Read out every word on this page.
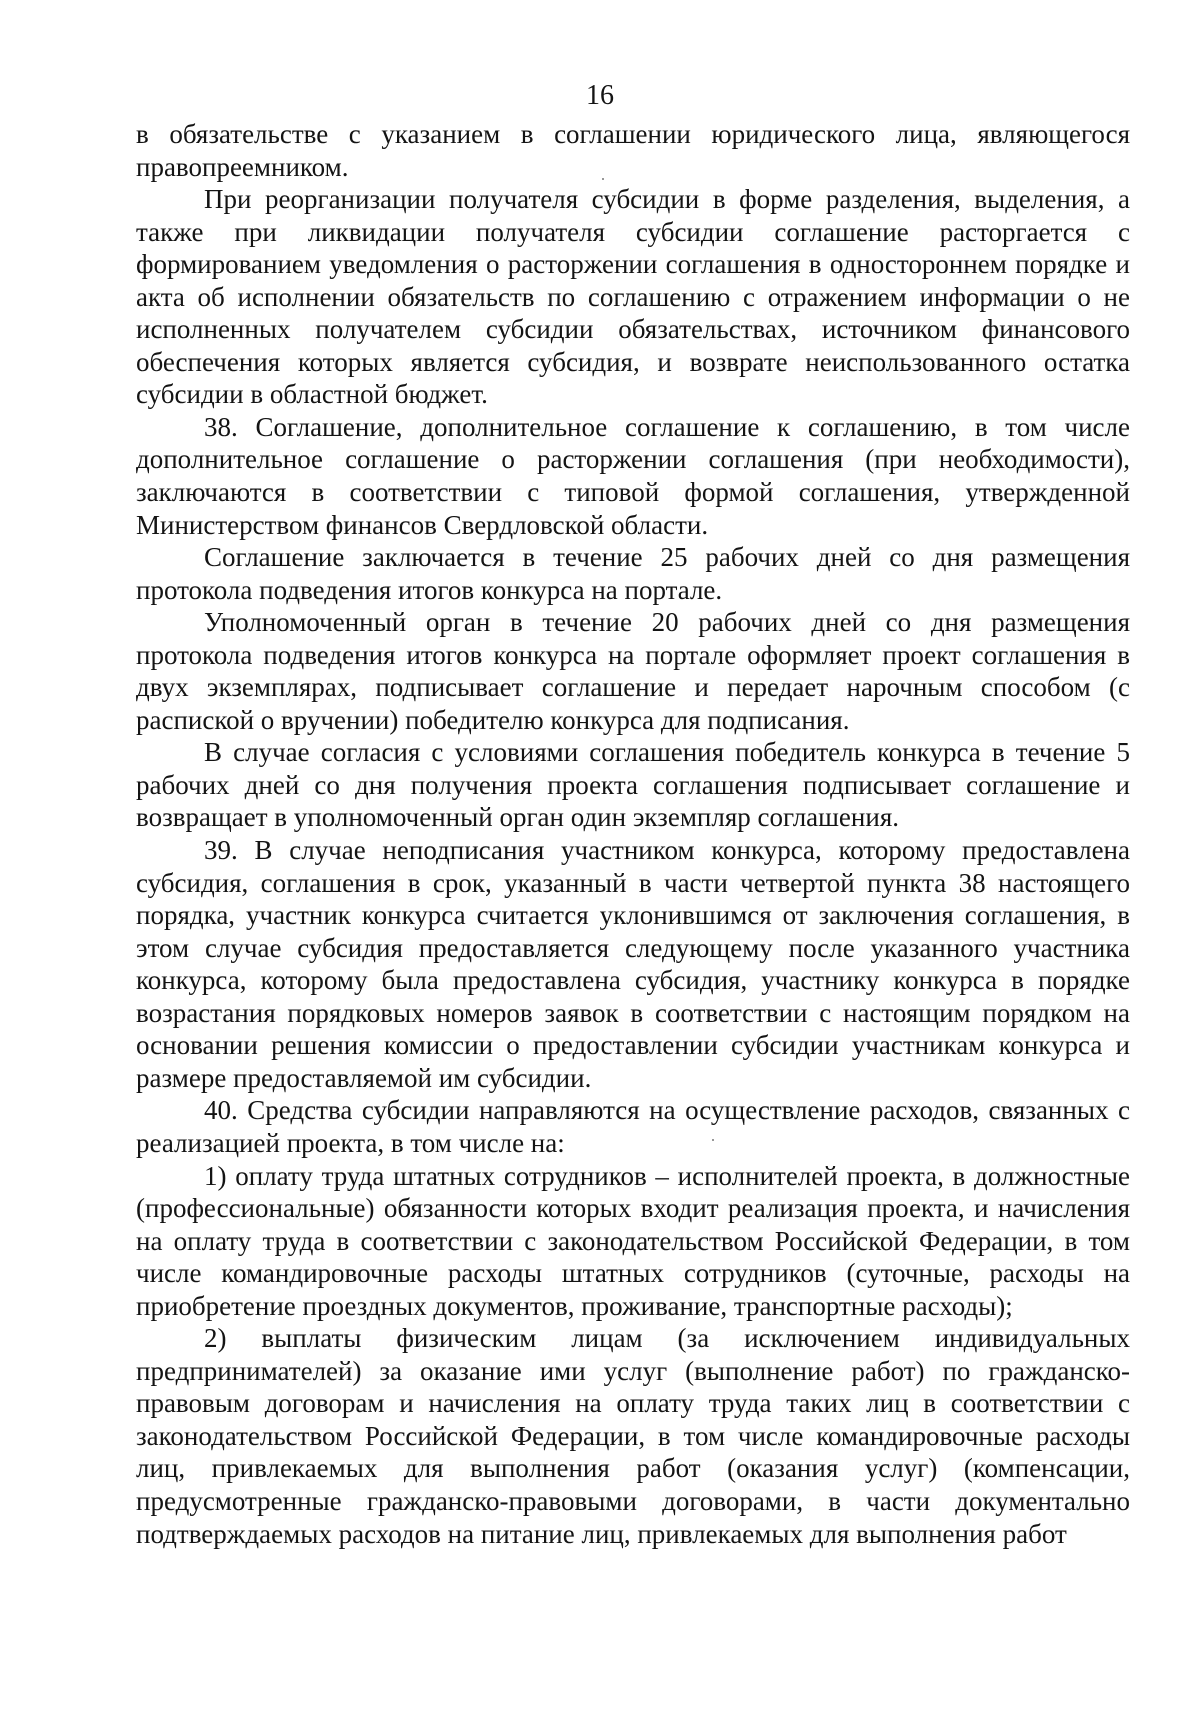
16

в обязательстве с указанием в соглашении юридического лица, являющегося правопреемником.

При реорганизации получателя субсидии в форме разделения, выделения, а также при ликвидации получателя субсидии соглашение расторгается с формированием уведомления о расторжении соглашения в одностороннем порядке и акта об исполнении обязательств по соглашению с отражением информации о не исполненных получателем субсидии обязательствах, источником финансового обеспечения которых является субсидия, и возврате неиспользованного остатка субсидии в областной бюджет.

38. Соглашение, дополнительное соглашение к соглашению, в том числе дополнительное соглашение о расторжении соглашения (при необходимости), заключаются в соответствии с типовой формой соглашения, утвержденной Министерством финансов Свердловской области.

Соглашение заключается в течение 25 рабочих дней со дня размещения протокола подведения итогов конкурса на портале.

Уполномоченный орган в течение 20 рабочих дней со дня размещения протокола подведения итогов конкурса на портале оформляет проект соглашения в двух экземплярах, подписывает соглашение и передает нарочным способом (с распиской о вручении) победителю конкурса для подписания.

В случае согласия с условиями соглашения победитель конкурса в течение 5 рабочих дней со дня получения проекта соглашения подписывает соглашение и возвращает в уполномоченный орган один экземпляр соглашения.

39. В случае неподписания участником конкурса, которому предоставлена субсидия, соглашения в срок, указанный в части четвертой пункта 38 настоящего порядка, участник конкурса считается уклонившимся от заключения соглашения, в этом случае субсидия предоставляется следующему после указанного участника конкурса, которому была предоставлена субсидия, участнику конкурса в порядке возрастания порядковых номеров заявок в соответствии с настоящим порядком на основании решения комиссии о предоставлении субсидии участникам конкурса и размере предоставляемой им субсидии.

40. Средства субсидии направляются на осуществление расходов, связанных с реализацией проекта, в том числе на:

1) оплату труда штатных сотрудников – исполнителей проекта, в должностные (профессиональные) обязанности которых входит реализация проекта, и начисления на оплату труда в соответствии с законодательством Российской Федерации, в том числе командировочные расходы штатных сотрудников (суточные, расходы на приобретение проездных документов, проживание, транспортные расходы);

2) выплаты физическим лицам (за исключением индивидуальных предпринимателей) за оказание ими услуг (выполнение работ) по гражданско-правовым договорам и начисления на оплату труда таких лиц в соответствии с законодательством Российской Федерации, в том числе командировочные расходы лиц, привлекаемых для выполнения работ (оказания услуг) (компенсации, предусмотренные гражданско-правовыми договорами, в части документально подтверждаемых расходов на питание лиц, привлекаемых для выполнения работ
